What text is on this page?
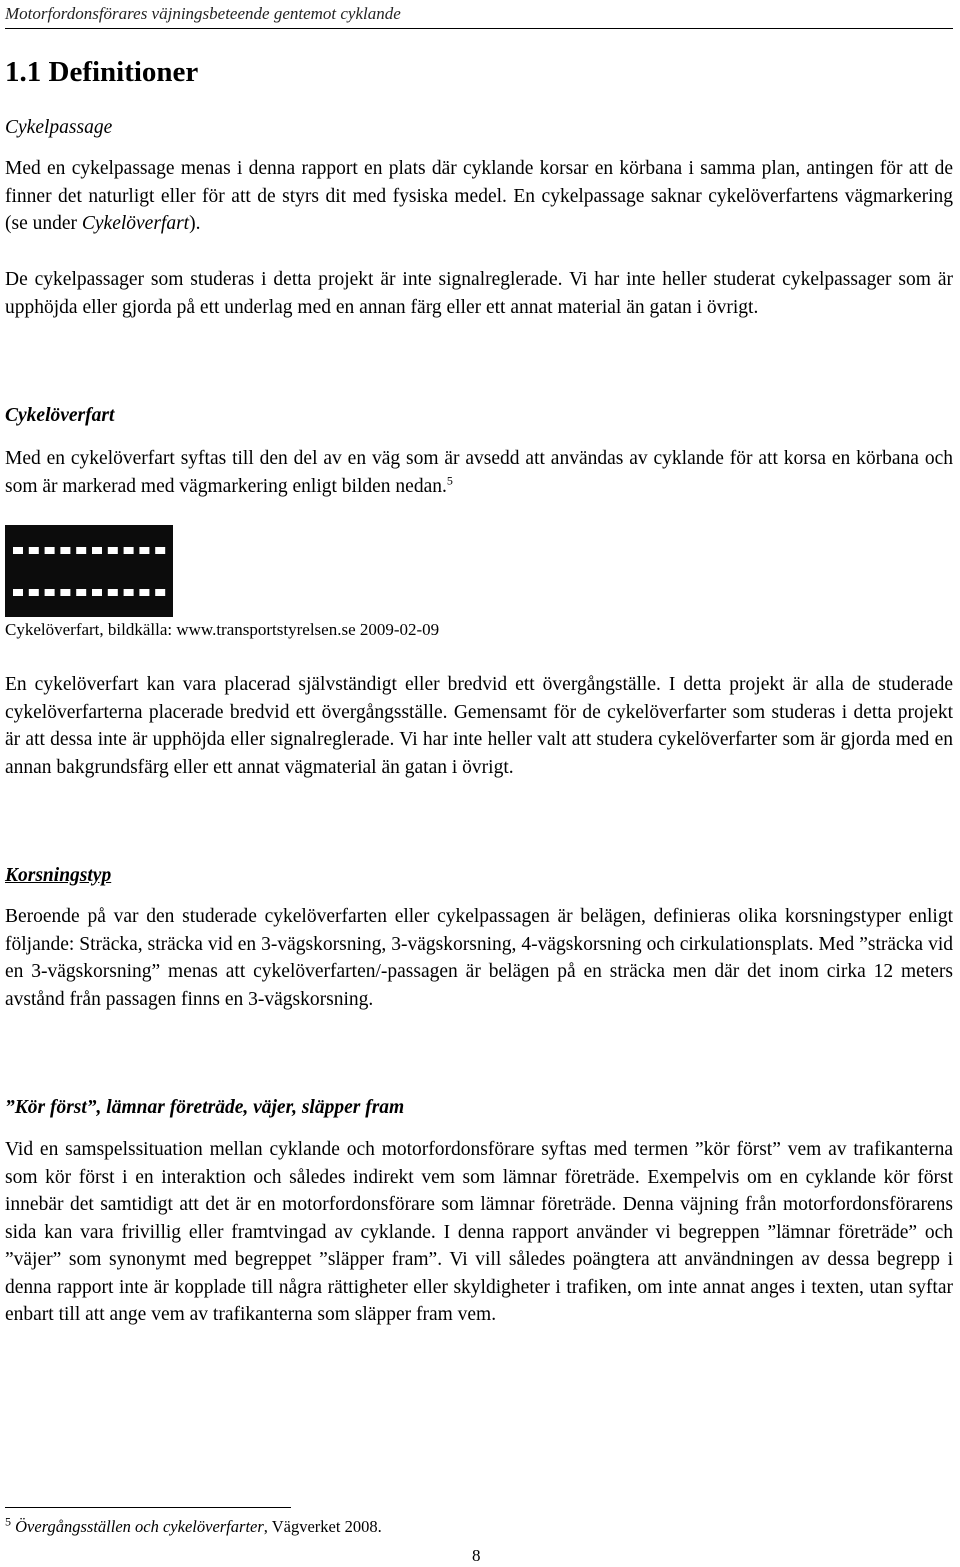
Motorfordonsförares väjningsbeteende gentemot cyklande
1.1 Definitioner
Cykelpassage

Med en cykelpassage menas i denna rapport en plats där cyklande korsar en körbana i samma plan, antingen för att de finner det naturligt eller för att de styrs dit med fysiska medel. En cykelpassage saknar cykelöverfartens vägmarkering (se under Cykelöverfart).

De cykelpassager som studeras i detta projekt är inte signalreglerade. Vi har inte heller studerat cykelpassager som är upphöjda eller gjorda på ett underlag med en annan färg eller ett annat material än gatan i övrigt.

Cykelöverfart

Med en cykelöverfart syftas till den del av en väg som är avsedd att användas av cyklande för att korsa en körbana och som är markerad med vägmarkering enligt bilden nedan.$^5$

Cykelöverfart, bildkälla: www.transportstyrelsen.se 2009-02-09

En cykelöverfart kan vara placerad självständigt eller bredvid ett övergångställe. I detta projekt är alla de studerade cykelöverfarterna placerade bredvid ett övergångsställe. Gemensamt för de cykelöverfarter som studeras i detta projekt är att dessa inte är upphöjda eller signalreglerade. Vi har inte heller valt att studera cykelöverfarter som är gjorda med en annan bakgrundsfärg eller ett annat vägmaterial än gatan i övrigt.

Korsningstyp

Beroende på var den studerade cykelöverfarten eller cykelpassagen är belägen, definieras olika korsningstyper enligt följande: Sträcka, sträcka vid en 3-vägskorsning, 3-vägskorsning, 4-vägskorsning och cirkulationsplats. Med ”sträcka vid en 3-vägskorsning” menas att cykelöverfarten/-passagen är belägen på en sträcka men där det inom cirka 12 meters avstånd från passagen finns en 3-vägskorsning.

”Kör först”, lämnar företräde, väjer, släpper fram

Vid en samspelssituation mellan cyklande och motorfordonsförare syftas med termen ”kör först” vem av trafikanterna som kör först i en interaktion och således indirekt vem som lämnar företräde. Exempelvis om en cyklande kör först innebär det samtidigt att det är en motorfordonsförare som lämnar företräde. Denna väjning från motorfordonsförarens sida kan vara frivillig eller framtvingad av cyklande. I denna rapport använder vi begreppen ”lämnar företräde” och ”väjer” som synonymt med begreppet ”släpper fram”. Vi vill således poängtera att användningen av dessa begrepp i denna rapport inte är kopplade till några rättigheter eller skyldigheter i trafiken, om inte annat anges i texten, utan syftar enbart till att ange vem av trafikanterna som släpper fram vem.

$^5$ Övergångsställen och cykelöverfarter, Vägverket 2008.

8
